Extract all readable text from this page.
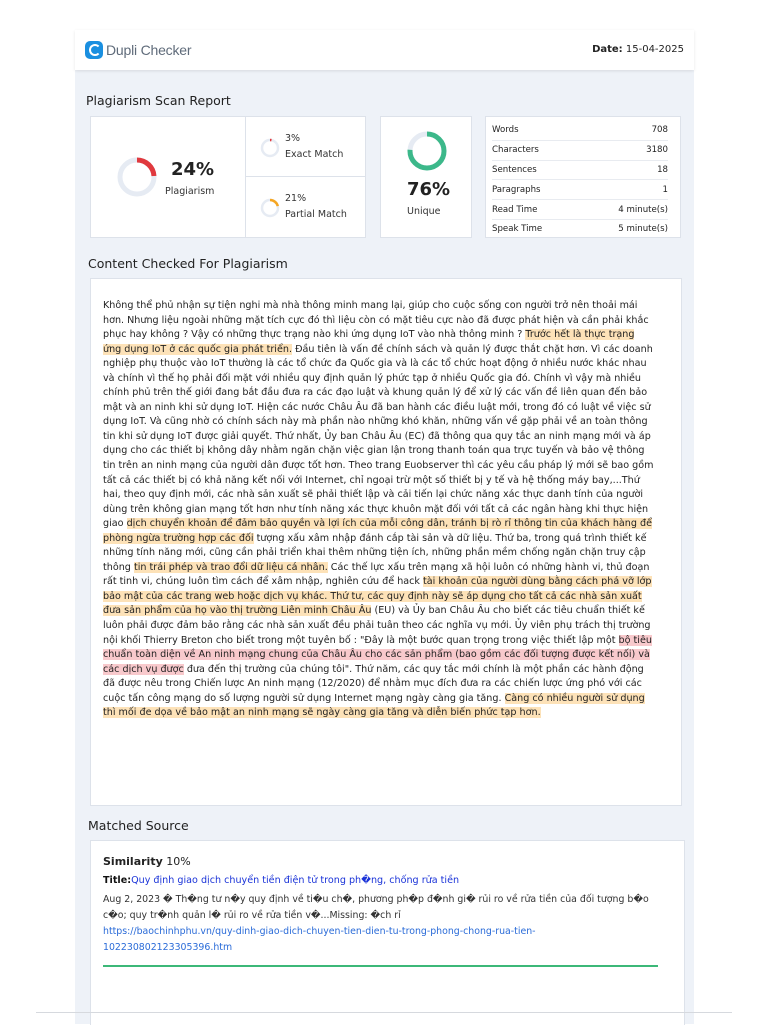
Dupli Checker	Date: 15-04-2025
Plagiarism Scan Report
24%
Plagiarism
3%
Exact Match
21%
Partial Match
76%
Unique
Words	708
Characters	3180
Sentences	18
Paragraphs	1
Read Time	4 minute(s)
Speak Time	5 minute(s)
Content Checked For Plagiarism
Không thể phủ nhận sự tiện nghi mà nhà thông minh mang lại, giúp cho cuộc sống con người trở nên thoải mái hơn. Nhưng liệu ngoài những mặt tích cực đó thì liệu còn có mặt tiêu cực nào đã được phát hiện và cần phải khắc phục hay không ? Vậy có những thực trạng nào khi ứng dụng IoT vào nhà thông minh ? Trước hết là thực trạng ứng dụng IoT ở các quốc gia phát triển. Đầu tiên là vấn đề chính sách và quản lý được thắt chặt hơn. Vì các doanh nghiệp phụ thuộc vào IoT thường là các tổ chức đa Quốc gia và là các tổ chức hoạt động ở nhiều nước khác nhau và chính vì thế họ phải đối mặt với nhiều quy định quản lý phức tạp ở nhiều Quốc gia đó. Chính vì vậy mà nhiều chính phủ trên thế giới đang bắt đầu đưa ra các đạo luật và khung quản lý để xử lý các vấn đề liên quan đến bảo mật và an ninh khi sử dụng IoT. Hiện các nước Châu Âu đã ban hành các điều luật mới, trong đó có luật về việc sử dụng IoT. Và cũng nhờ có chính sách này mà phần nào những khó khăn, những vấn về gặp phải về an toàn thông tin khi sử dụng IoT được giải quyết. Thứ nhất, Ủy ban Châu Âu (EC) đã thông qua quy tắc an ninh mạng mới và áp dụng cho các thiết bị không dây nhằm ngăn chặn việc gian lận trong thanh toán qua trực tuyến và bảo vệ thông tin trên an ninh mạng của người dân được tốt hơn. Theo trang Euobserver thì các yêu cầu pháp lý mới sẽ bao gồm tất cả các thiết bị có khả năng kết nối với Internet, chỉ ngoại trừ một số thiết bị y tế và hệ thống máy bay,...Thứ hai, theo quy định mới, các nhà sản xuất sẽ phải thiết lập và cải tiến lại chức năng xác thực danh tính của người dùng trên không gian mạng tốt hơn như tính năng xác thực khuôn mặt đối với tất cả các ngân hàng khi thực hiện giao dịch chuyển khoản để đảm bảo quyền và lợi ích của mỗi công dân, tránh bị rò rỉ thông tin của khách hàng để phòng ngừa trường hợp các đối tượng xấu xâm nhập đánh cắp tài sản và dữ liệu. Thứ ba, trong quá trình thiết kế những tính năng mới, cũng cần phải triển khai thêm những tiện ích, những phần mềm chống ngăn chặn truy cập thông tin trái phép và trao đổi dữ liệu cá nhân. Các thế lực xấu trên mạng xã hội luôn có những hành vi, thủ đoạn rất tinh vi, chúng luôn tìm cách để xâm nhập, nghiên cứu để hack tài khoản của người dùng bằng cách phá vỡ lớp bảo mật của các trang web hoặc dịch vụ khác. Thứ tư, các quy định này sẽ áp dụng cho tất cả các nhà sản xuất đưa sản phẩm của họ vào thị trường Liên minh Châu Âu (EU) và Ủy ban Châu Âu cho biết các tiêu chuẩn thiết kế luôn phải được đảm bảo rằng các nhà sản xuất đều phải tuân theo các nghĩa vụ mới. Ủy viên phụ trách thị trường nội khối Thierry Breton cho biết trong một tuyên bố : "Đây là một bước quan trọng trong việc thiết lập một bộ tiêu chuẩn toàn diện về An ninh mạng chung của Châu Âu cho các sản phẩm (bao gồm các đối tượng được kết nối) và các dịch vụ được đưa đến thị trường của chúng tôi". Thứ năm, các quy tắc mới chính là một phần các hành động đã được nêu trong Chiến lược An ninh mạng (12/2020) để nhằm mục đích đưa ra các chiến lược ứng phó với các cuộc tấn công mạng do số lượng người sử dụng Internet mạng ngày càng gia tăng. Càng có nhiều người sử dụng thì mối đe dọa về bảo mật an ninh mạng sẽ ngày càng gia tăng và diễn biến phức tạp hơn.
Matched Source
Similarity 10%
Title:Quy định giao dịch chuyển tiền điện tử trong ph�ng, chống rửa tiền
Aug 2, 2023 � Th�ng tư n�y quy định về ti�u ch�, phương ph�p đ�nh gi� rủi ro về rửa tiền của đối tượng b�o c�o; quy tr�nh quản l� rủi ro về rửa tiền v�...Missing: �ch rỉ
https://baochinhphu.vn/quy-dinh-giao-dich-chuyen-tien-dien-tu-trong-phong-chong-rua-tien-102230802123305396.htm
